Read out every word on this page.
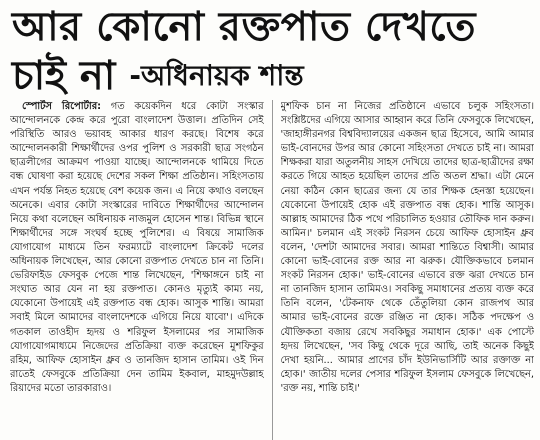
আর কোনো রক্তপাত দেখতে
চাই না -অধিনায়ক শান্ত

স্পোর্টস রিপোর্টার: গত কয়েকদিন ধরে কোটা সংস্কার আন্দোলনকে কেন্দ্র করে পুরো বাংলাদেশ উত্তাল। প্রতিদিন সেই পরিস্থিতি আরও ভয়াবহ আকার ধারণ করছে। বিশেষ করে আন্দোলনকারী শিক্ষার্থীদের ওপর পুলিশ ও সরকারী ছাত্র সংগঠন ছাত্রলীগের আক্রমণ পাওয়া যাচ্ছে। আন্দোলনকে থামিয়ে দিতে বন্ধ ঘোষণা করা হয়েছে দেশের সকল শিক্ষা প্রতিষ্ঠান। সহিংসতায় এখন পর্যন্ত নিহত হয়েছে বেশ কয়েক জন। এ নিয়ে কথাও বলছেন অনেকে। এবার কোটা সংস্কারের দাবিতে শিক্ষার্থীদের আন্দোলন নিয়ে কথা বলেছেন অধিনায়ক নাজমুল হোসেন শান্ত। বিভিন্ন স্থানে শিক্ষার্থীদের সঙ্গে সংঘর্ষ হচ্ছে পুলিশের। এ বিষয়ে সামাজিক যোগাযোগ মাধ্যমে তিন ফরম্যাটে বাংলাদেশ ক্রিকেট দলের অধিনায়ক লিখেছেন, আর কোনো রক্তপাত দেখতে চান না তিনি। ভেরিফাইড ফেসবুক পেজে শান্ত লিখেছেন, 'শিক্ষাঙ্গনে চাই না সংঘাত আর যেন না হয় রক্তপাত। কোনও মৃত্যুই কাম্য নয়, যেকোনো উপায়েই এই রক্তপাত বন্ধ হোক। আসুক শান্তি। আমরা সবাই মিলে আমাদের বাংলাদেশকে এগিয়ে নিয়ে যাবো'। এদিকে গতকাল তাওহীদ হৃদয় ও শরিফুল ইসলামের পর সামাজিক যোগাযোগমাধ্যমে নিজেদের প্রতিক্রিয়া ব্যক্ত করেছেন মুশফিকুর রহিম, আফিফ হোসাইন ধ্রুব ও তানজিদ হাসান তামিম। ওই দিন রাতেই ফেসবুকে প্রতিক্রিয়া দেন তামিম ইকবাল, মাহমুদউল্লাহ রিয়াদের মতো তারকারাও।

মুশফিক চান না নিজের প্রতিষ্ঠানে এভাবে চলুক সহিংসতা। সংশ্লিষ্টদের এগিয়ে আসার আহ্বান করে তিনি ফেসবুকে লিখেছেন, 'জাহাঙ্গীরনগর বিশ্ববিদ্যালয়ের একজন ছাত্র হিসেবে, আমি আমার ভাই-বোনদের উপর আর কোনো সহিংসতা দেখতে চাই না। আমরা শিক্ষকরা যারা অতুলনীয় সাহস দেখিয়ে তাদের ছাত্র-ছাত্রীদের রক্ষা করতে গিয়ে আহত হয়েছিল তাদের প্রতি অতল শ্রদ্ধা। এটা মেনে নেয়া কঠিন কোন ছাত্রের জন্য যে তার শিক্ষক হেনস্তা হয়েছেন। যেকোনো উপায়েই হোক এই রক্তপাত বন্ধ হোক। শান্তি আসুক। আল্লাহ আমাদের ঠিক পথে পরিচালিত হওয়ার তৌফিক দান করুন। আমিন।' চলমান এই সংকট নিরসন চেয়ে আফিফ হোসাইন ধ্রুব বলেন, 'দেশটা আমাদের সবার। আমরা শান্তিতে বিশ্বাসী। আমার কোনো ভাই-বোনের রক্ত আর না ঝরুক। যৌক্তিকভাবে চলমান সংকট নিরসন হোক।' ভাই-বোনের এভাবে রক্ত ঝরা দেখতে চান না তানজিদ হাসান তামিমও। সবকিছু সমাধানের প্রত্যয় ব্যক্ত করে তিনি বলেন, 'টেকনাফ থেকে তেঁতুলিয়া কোন রাজপথ আর আমার ভাই-বোনের রক্তে রঞ্জিত না হোক। সঠিক পদক্ষেপ ও যৌক্তিকতা বজায় রেখে সবকিছুর সমাধান হোক।' এক পোস্টে হৃদয় লিখেছেন, 'সব কিছু থেকে দূরে আছি, তাই অনেক কিছুই দেখা হয়নি... আমার প্রাণের চাঁদ ইউনিভার্সিটি আর রক্তাক্ত না হোক।' জাতীয় দলের পেসার শরিফুল ইসলাম ফেসবুকে লিখেছেন, 'রক্ত নয়, শান্তি চাই।'
